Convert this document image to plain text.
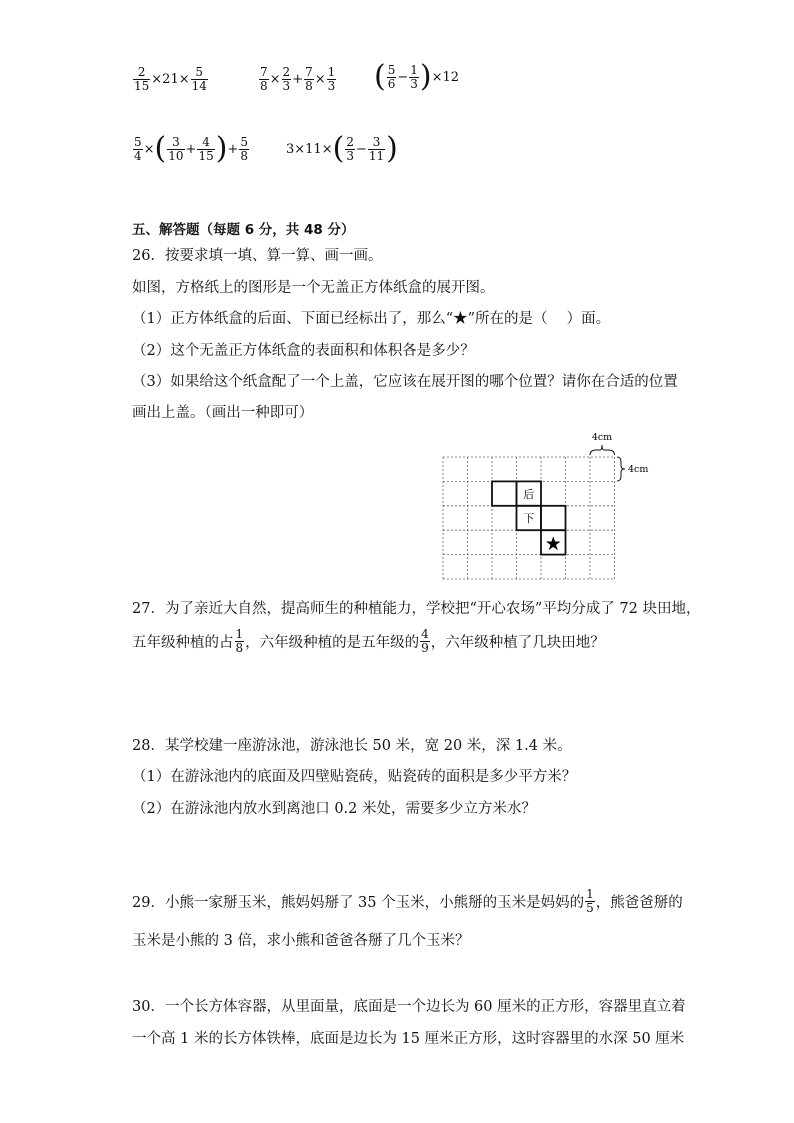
$\frac{2}{15} \times 21\times \frac{5}{14}$	$\frac{7}{8} \times \frac{2}{3} + \frac{7}{8} \times \frac{1}{3}$ ( $\frac{5}{6} - \frac{1}{3}$ ) ×12
$\frac{5}{4}$ × ( $\frac{3}{10} + \frac{4}{15}$ ) + $\frac{5}{8}$	3×11× ( $\frac{2}{3} - \frac{3}{11}$ )
五、解答题（每题 6 分，共 48 分）
26．按要求填一填、算一算、画一画。
如图，方格纸上的图形是一个无盖正方体纸盒的展开图。
（1）正方体纸盒的后面、下面已经标出了，那么“★”所在的是（　 ）面。
（2）这个无盖正方体纸盒的表面积和体积各是多少？
（3）如果给这个纸盒配了一个上盖，它应该在展开图的哪个位置？请你在合适的位置
画出上盖。（画出一种即可）
后
下
★
4cm
4cm
27．为了亲近大自然，提高师生的种植能力，学校把“开心农场”平均分成了 72 块田地，
五年级种植的占 $\frac{1}{8}$ ，六年级种植的是五年级的 $\frac{4}{9}$ ，六年级种植了几块田地？
28．某学校建一座游泳池，游泳池长 50 米，宽 20 米，深 1.4 米。
（1）在游泳池内的底面及四壁贴瓷砖，贴瓷砖的面积是多少平方米？
（2）在游泳池内放水到离池口 0.2 米处，需要多少立方米水？
29．小熊一家掰玉米，熊妈妈掰了 35 个玉米，小熊掰的玉米是妈妈的 $\frac{1}{5}$ ，熊爸爸掰的
玉米是小熊的 3 倍，求小熊和爸爸各掰了几个玉米？
30．一个长方体容器，从里面量，底面是一个边长为 60 厘米的正方形，容器里直立着
一个高 1 米的长方体铁棒，底面是边长为 15 厘米正方形，这时容器里的水深 50 厘米
